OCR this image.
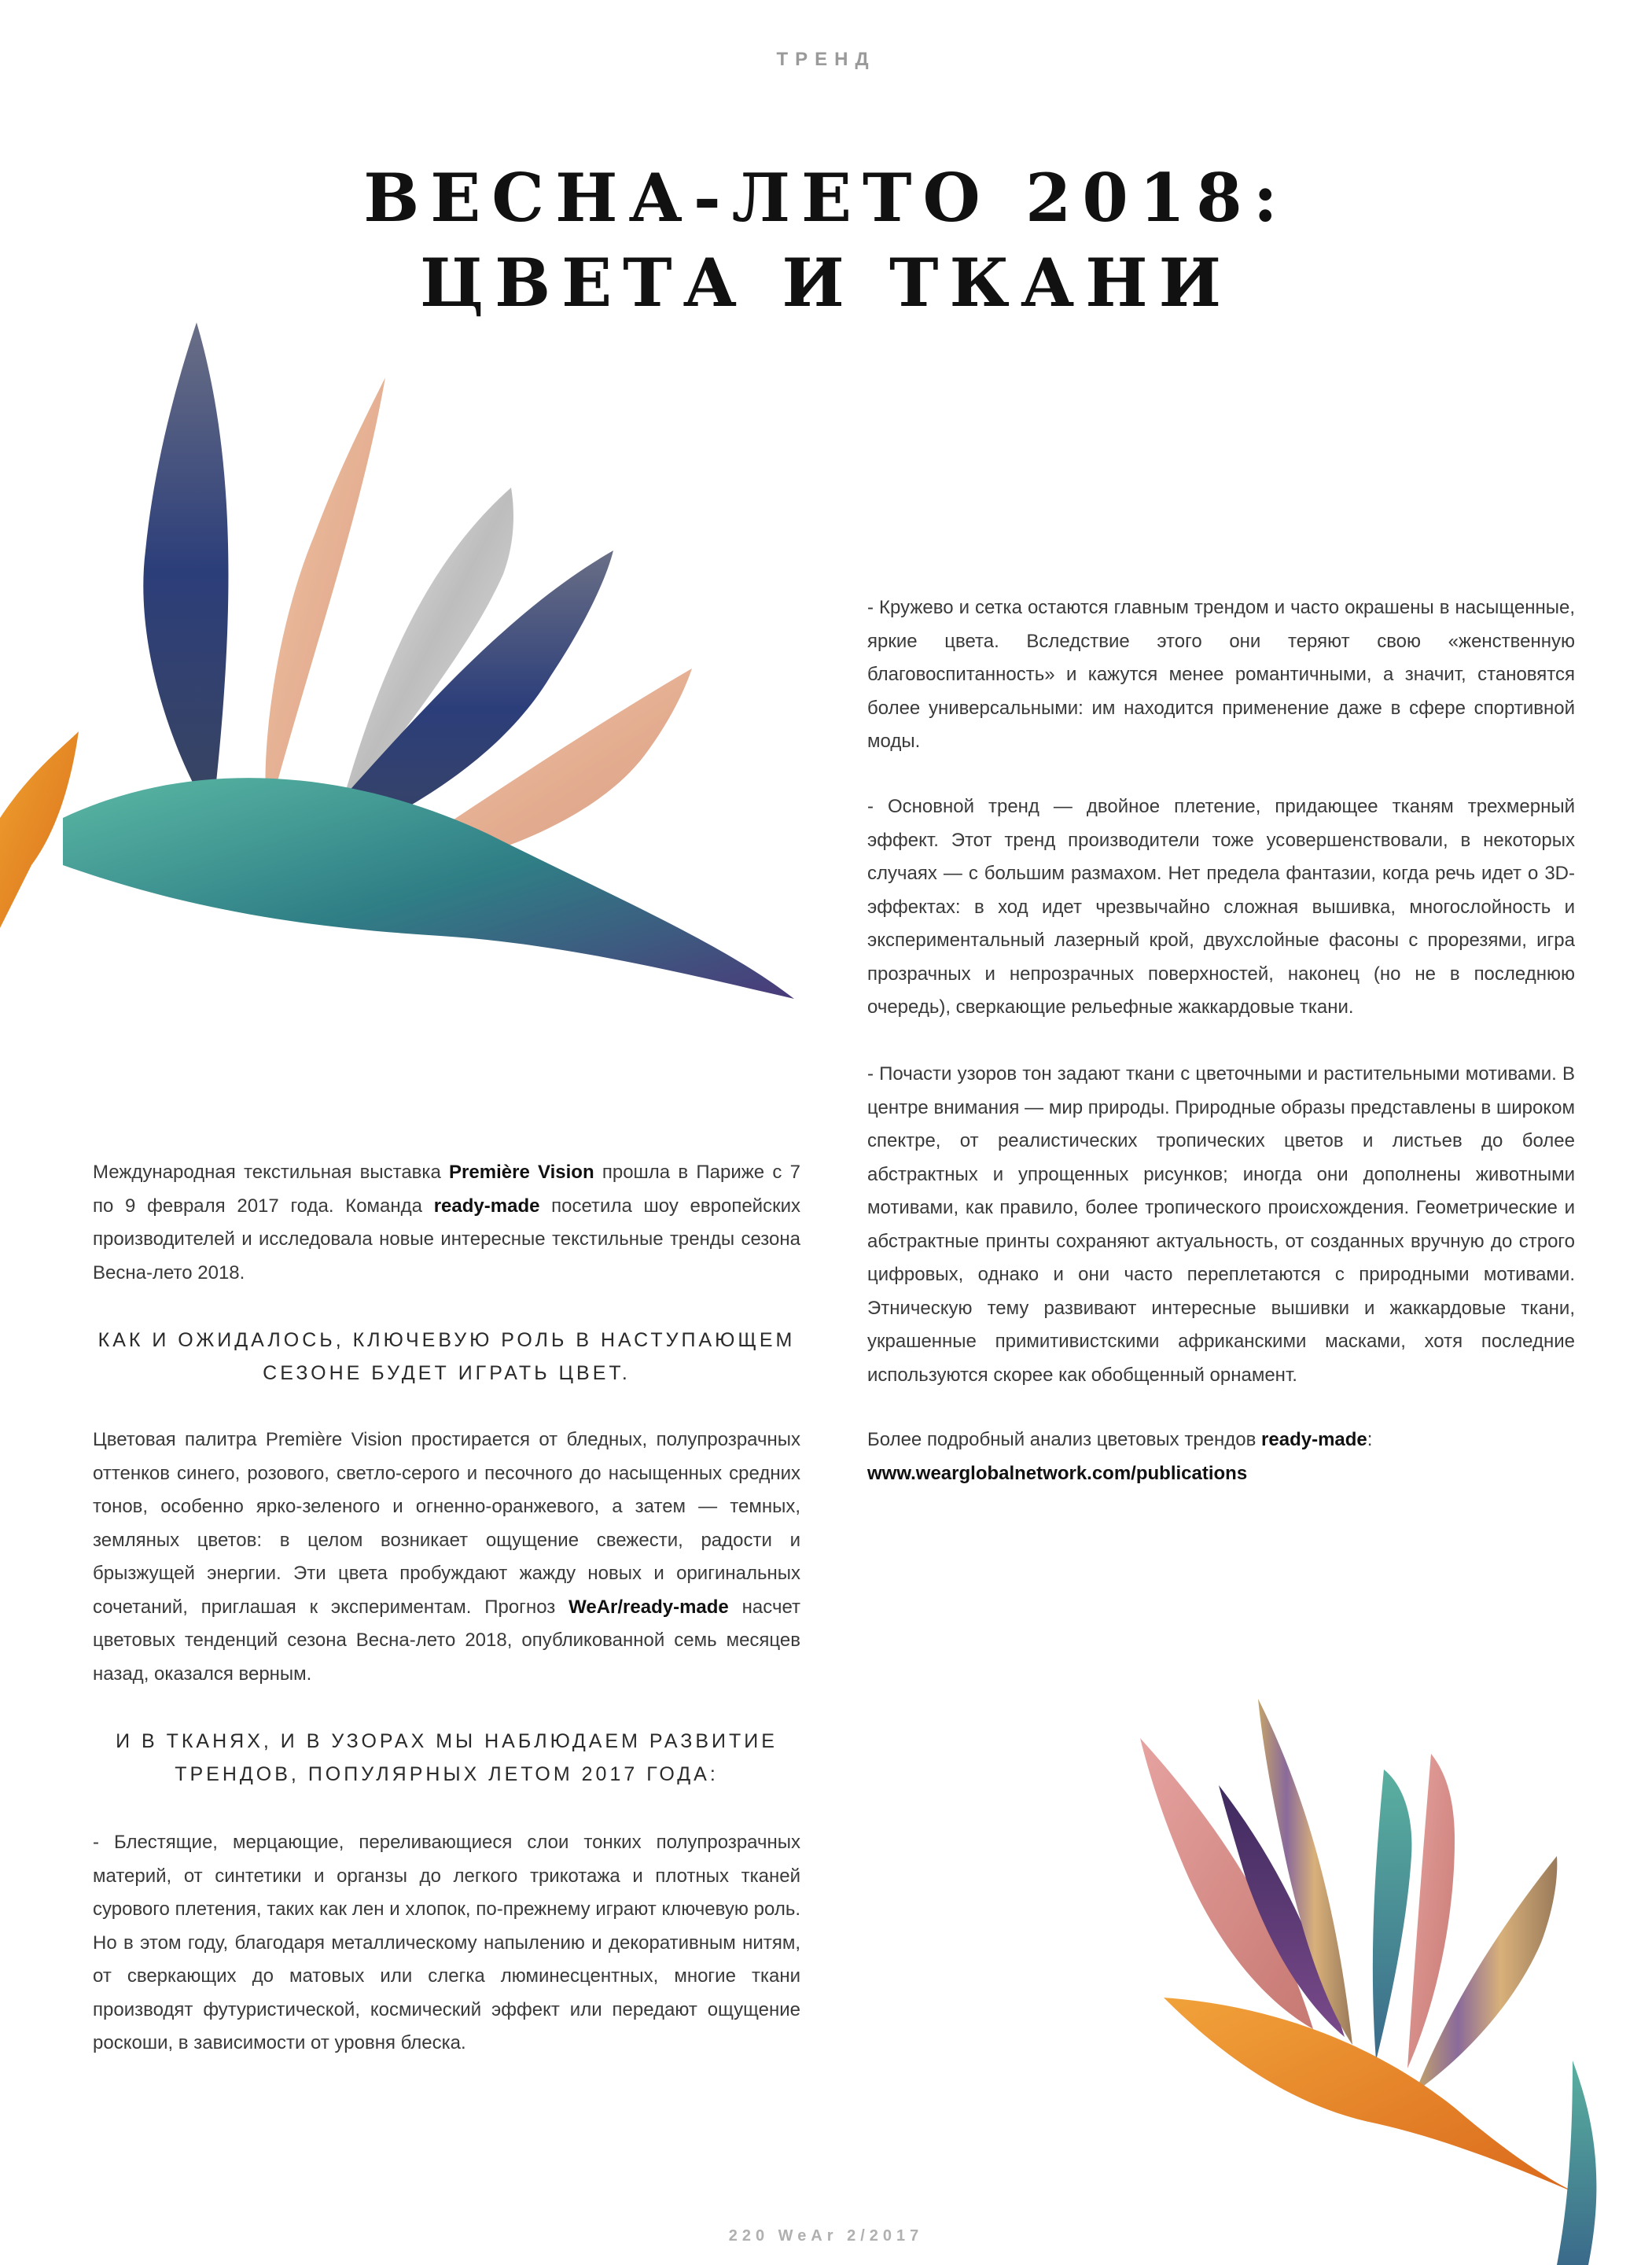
ТРЕНД
ВЕСНА-ЛЕТО 2018:
ЦВЕТА И ТКАНИ

Международная текстильная выставка Première Vision прошла в Париже с 7 по 9 февраля 2017 года. Команда ready-made посетила шоу европейских производителей и исследовала новые интересные текстильные тренды сезона Весна-лето 2018.

КАК И ОЖИДАЛОСЬ, КЛЮЧЕВУЮ РОЛЬ В НАСТУПАЮЩЕМ СЕЗОНЕ БУДЕТ ИГРАТЬ ЦВЕТ.

Цветовая палитра Première Vision простирается от бледных, полупрозрачных оттенков синего, розового, светло-серого и песочного до насыщенных средних тонов, особенно ярко-зеленого и огненно-оранжевого, а затем — темных, земляных цветов: в целом возникает ощущение свежести, радости и брызжущей энергии. Эти цвета пробуждают жажду новых и оригинальных сочетаний, приглашая к экспериментам. Прогноз WeAr/ready-made насчет цветовых тенденций сезона Весна-лето 2018, опубликованной семь месяцев назад, оказался верным.

И В ТКАНЯХ, И В УЗОРАХ МЫ НАБЛЮДАЕМ РАЗВИТИЕ ТРЕНДОВ, ПОПУЛЯРНЫХ ЛЕТОМ 2017 ГОДА:

- Блестящие, мерцающие, переливающиеся слои тонких полупрозрачных материй, от синтетики и органзы до легкого трикотажа и плотных тканей сурового плетения, таких как лен и хлопок, по-прежнему играют ключевую роль. Но в этом году, благодаря металлическому напылению и декоративным нитям, от сверкающих до матовых или слегка люминесцентных, многие ткани производят футуристической, космический эффект или передают ощущение роскоши, в зависимости от уровня блеска.

- Кружево и сетка остаются главным трендом и часто окрашены в насыщенные, яркие цвета. Вследствие этого они теряют свою «женственную благовоспитанность» и кажутся менее романтичными, а значит, становятся более универсальными: им находится применение даже в сфере спортивной моды.

- Основной тренд — двойное плетение, придающее тканям трехмерный эффект. Этот тренд производители тоже усовершенствовали, в некоторых случаях — с большим размахом. Нет предела фантазии, когда речь идет о 3D-эффектах: в ход идет чрезвычайно сложная вышивка, многослойность и экспериментальный лазерный крой, двухслойные фасоны с прорезями, игра прозрачных и непрозрачных поверхностей, наконец (но не в последнюю очередь), сверкающие рельефные жаккардовые ткани.

- Почасти узоров тон задают ткани с цветочными и растительными мотивами. В центре внимания — мир природы. Природные образы представлены в широком спектре, от реалистических тропических цветов и листьев до более абстрактных и упрощенных рисунков; иногда они дополнены животными мотивами, как правило, более тропического происхождения. Геометрические и абстрактные принты сохраняют актуальность, от созданных вручную до строго цифровых, однако и они часто переплетаются с природными мотивами. Этническую тему развивают интересные вышивки и жаккардовые ткани, украшенные примитивистскими африканскими масками, хотя последние используются скорее как обобщенный орнамент.

Более подробный анализ цветовых трендов ready-made:
www.wearglobalnetwork.com/publications

220 WeAr 2/2017
